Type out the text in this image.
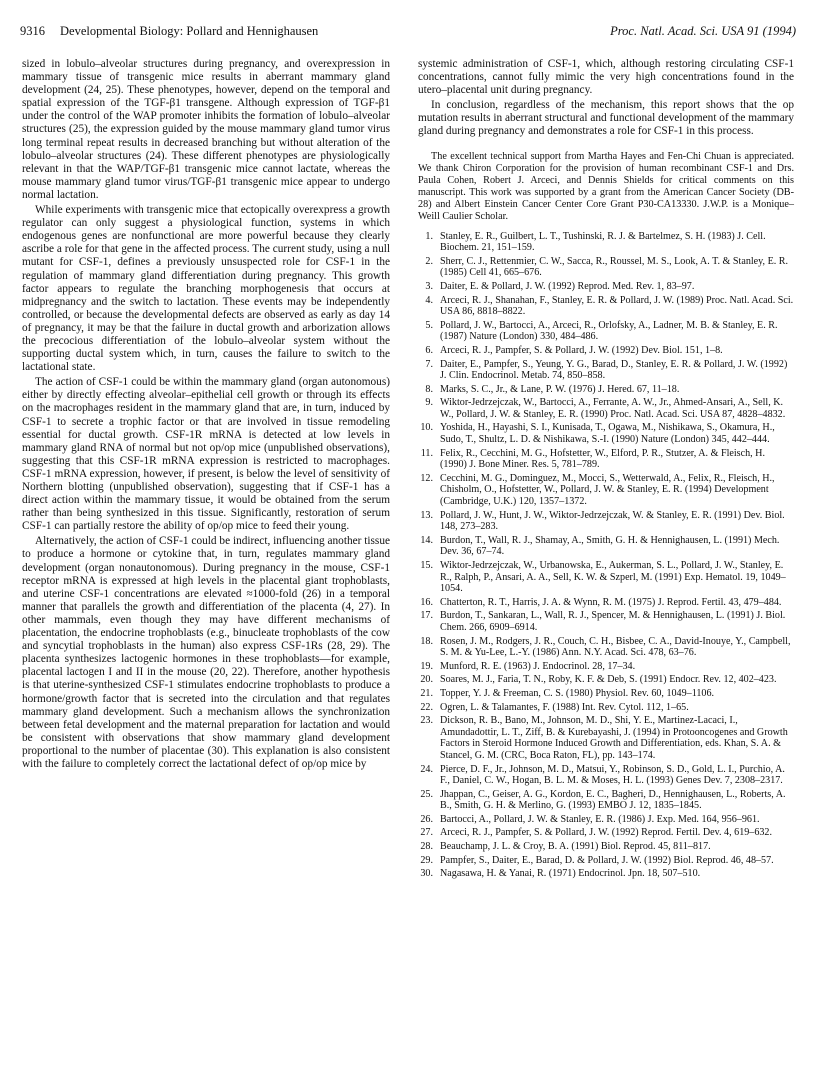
9316 Developmental Biology: Pollard and Hennighausen	Proc. Natl. Acad. Sci. USA 91 (1994)

sized in lobulo–alveolar structures during pregnancy, and overexpression in mammary tissue of transgenic mice results in aberrant mammary gland development (24, 25). These phenotypes, however, depend on the temporal and spatial expression of the TGF-β1 transgene. Although expression of TGF-β1 under the control of the WAP promoter inhibits the formation of lobulo–alveolar structures (25), the expression guided by the mouse mammary gland tumor virus long terminal repeat results in decreased branching but without alteration of the lobulo–alveolar structures (24). These different phenotypes are physiologically relevant in that the WAP/TGF-β1 transgenic mice cannot lactate, whereas the mouse mammary gland tumor virus/TGF-β1 transgenic mice appear to undergo normal lactation.

While experiments with transgenic mice that ectopically overexpress a growth regulator can only suggest a physiological function, systems in which endogenous genes are nonfunctional are more powerful because they clearly ascribe a role for that gene in the affected process. The current study, using a null mutant for CSF-1, defines a previously unsuspected role for CSF-1 in the regulation of mammary gland differentiation during pregnancy. This growth factor appears to regulate the branching morphogenesis that occurs at midpregnancy and the switch to lactation. These events may be independently controlled, or because the developmental defects are observed as early as day 14 of pregnancy, it may be that the failure in ductal growth and arborization allows the precocious differentiation of the lobulo–alveolar system without the supporting ductal system which, in turn, causes the failure to switch to the lactational state.

The action of CSF-1 could be within the mammary gland (organ autonomous) either by directly effecting alveolar–epithelial cell growth or through its effects on the macrophages resident in the mammary gland that are, in turn, induced by CSF-1 to secrete a trophic factor or that are involved in tissue remodeling essential for ductal growth. CSF-1R mRNA is detected at low levels in mammary gland RNA of normal but not op/op mice (unpublished observations), suggesting that this CSF-1R mRNA expression is restricted to macrophages. CSF-1 mRNA expression, however, if present, is below the level of sensitivity of Northern blotting (unpublished observation), suggesting that if CSF-1 has a direct action within the mammary tissue, it would be obtained from the serum rather than being synthesized in this tissue. Significantly, restoration of serum CSF-1 can partially restore the ability of op/op mice to feed their young.

Alternatively, the action of CSF-1 could be indirect, influencing another tissue to produce a hormone or cytokine that, in turn, regulates mammary gland development (organ nonautonomous). During pregnancy in the mouse, CSF-1 receptor mRNA is expressed at high levels in the placental giant trophoblasts, and uterine CSF-1 concentrations are elevated ≈1000-fold (26) in a temporal manner that parallels the growth and differentiation of the placenta (4, 27). In other mammals, even though they may have different mechanisms of placentation, the endocrine trophoblasts (e.g., binucleate trophoblasts of the cow and syncytial trophoblasts in the human) also express CSF-1Rs (28, 29). The placenta synthesizes lactogenic hormones in these trophoblasts—for example, placental lactogen I and II in the mouse (20, 22). Therefore, another hypothesis is that uterine-synthesized CSF-1 stimulates endocrine trophoblasts to produce a hormone/growth factor that is secreted into the circulation and that regulates mammary gland development. Such a mechanism allows the synchronization between fetal development and the maternal preparation for lactation and would be consistent with observations that show mammary gland development proportional to the number of placentae (30). This explanation is also consistent with the failure to completely correct the lactational defect of op/op mice by

systemic administration of CSF-1, which, although restoring circulating CSF-1 concentrations, cannot fully mimic the very high concentrations found in the utero–placental unit during pregnancy.

In conclusion, regardless of the mechanism, this report shows that the op mutation results in aberrant structural and functional development of the mammary gland during pregnancy and demonstrates a role for CSF-1 in this process.

The excellent technical support from Martha Hayes and Fen-Chi Chuan is appreciated. We thank Chiron Corporation for the provision of human recombinant CSF-1 and Drs. Paula Cohen, Robert J. Arceci, and Dennis Shields for critical comments on this manuscript. This work was supported by a grant from the American Cancer Society (DB-28) and Albert Einstein Cancer Center Core Grant P30-CA13330. J.W.P. is a Monique–Weill Caulier Scholar.

1. Stanley, E. R., Guilbert, L. T., Tushinski, R. J. & Bartelmez, S. H. (1983) J. Cell. Biochem. 21, 151–159.
2. Sherr, C. J., Rettenmier, C. W., Sacca, R., Roussel, M. S., Look, A. T. & Stanley, E. R. (1985) Cell 41, 665–676.
3. Daiter, E. & Pollard, J. W. (1992) Reprod. Med. Rev. 1, 83–97.
4. Arceci, R. J., Shanahan, F., Stanley, E. R. & Pollard, J. W. (1989) Proc. Natl. Acad. Sci. USA 86, 8818–8822.
5. Pollard, J. W., Bartocci, A., Arceci, R., Orlofsky, A., Ladner, M. B. & Stanley, E. R. (1987) Nature (London) 330, 484–486.
6. Arceci, R. J., Pampfer, S. & Pollard, J. W. (1992) Dev. Biol. 151, 1–8.
7. Daiter, E., Pampfer, S., Yeung, Y. G., Barad, D., Stanley, E. R. & Pollard, J. W. (1992) J. Clin. Endocrinol. Metab. 74, 850–858.
8. Marks, S. C., Jr., & Lane, P. W. (1976) J. Hered. 67, 11–18.
9. Wiktor-Jedrzejczak, W., Bartocci, A., Ferrante, A. W., Jr., Ahmed-Ansari, A., Sell, K. W., Pollard, J. W. & Stanley, E. R. (1990) Proc. Natl. Acad. Sci. USA 87, 4828–4832.
10. Yoshida, H., Hayashi, S. I., Kunisada, T., Ogawa, M., Nishikawa, S., Okamura, H., Sudo, T., Shultz, L. D. & Nishikawa, S.-I. (1990) Nature (London) 345, 442–444.
11. Felix, R., Cecchini, M. G., Hofstetter, W., Elford, P. R., Stutzer, A. & Fleisch, H. (1990) J. Bone Miner. Res. 5, 781–789.
12. Cecchini, M. G., Dominguez, M., Mocci, S., Wetterwald, A., Felix, R., Fleisch, H., Chisholm, O., Hofstetter, W., Pollard, J. W. & Stanley, E. R. (1994) Development (Cambridge, U.K.) 120, 1357–1372.
13. Pollard, J. W., Hunt, J. W., Wiktor-Jedrzejczak, W. & Stanley, E. R. (1991) Dev. Biol. 148, 273–283.
14. Burdon, T., Wall, R. J., Shamay, A., Smith, G. H. & Hennighausen, L. (1991) Mech. Dev. 36, 67–74.
15. Wiktor-Jedrzejczak, W., Urbanowska, E., Aukerman, S. L., Pollard, J. W., Stanley, E. R., Ralph, P., Ansari, A. A., Sell, K. W. & Szperl, M. (1991) Exp. Hematol. 19, 1049–1054.
16. Chatterton, R. T., Harris, J. A. & Wynn, R. M. (1975) J. Reprod. Fertil. 43, 479–484.
17. Burdon, T., Sankaran, L., Wall, R. J., Spencer, M. & Hennighausen, L. (1991) J. Biol. Chem. 266, 6909–6914.
18. Rosen, J. M., Rodgers, J. R., Couch, C. H., Bisbee, C. A., David-Inouye, Y., Campbell, S. M. & Yu-Lee, L.-Y. (1986) Ann. N.Y. Acad. Sci. 478, 63–76.
19. Munford, R. E. (1963) J. Endocrinol. 28, 17–34.
20. Soares, M. J., Faria, T. N., Roby, K. F. & Deb, S. (1991) Endocr. Rev. 12, 402–423.
21. Topper, Y. J. & Freeman, C. S. (1980) Physiol. Rev. 60, 1049–1106.
22. Ogren, L. & Talamantes, F. (1988) Int. Rev. Cytol. 112, 1–65.
23. Dickson, R. B., Bano, M., Johnson, M. D., Shi, Y. E., Martinez-Lacaci, I., Amundadottir, L. T., Ziff, B. & Kurebayashi, J. (1994) in Protooncogenes and Growth Factors in Steroid Hormone Induced Growth and Differentiation, eds. Khan, S. A. & Stancel, G. M. (CRC, Boca Raton, FL), pp. 143–174.
24. Pierce, D. F., Jr., Johnson, M. D., Matsui, Y., Robinson, S. D., Gold, L. I., Purchio, A. F., Daniel, C. W., Hogan, B. L. M. & Moses, H. L. (1993) Genes Dev. 7, 2308–2317.
25. Jhappan, C., Geiser, A. G., Kordon, E. C., Bagheri, D., Hennighausen, L., Roberts, A. B., Smith, G. H. & Merlino, G. (1993) EMBO J. 12, 1835–1845.
26. Bartocci, A., Pollard, J. W. & Stanley, E. R. (1986) J. Exp. Med. 164, 956–961.
27. Arceci, R. J., Pampfer, S. & Pollard, J. W. (1992) Reprod. Fertil. Dev. 4, 619–632.
28. Beauchamp, J. L. & Croy, B. A. (1991) Biol. Reprod. 45, 811–817.
29. Pampfer, S., Daiter, E., Barad, D. & Pollard, J. W. (1992) Biol. Reprod. 46, 48–57.
30. Nagasawa, H. & Yanai, R. (1971) Endocrinol. Jpn. 18, 507–510.
